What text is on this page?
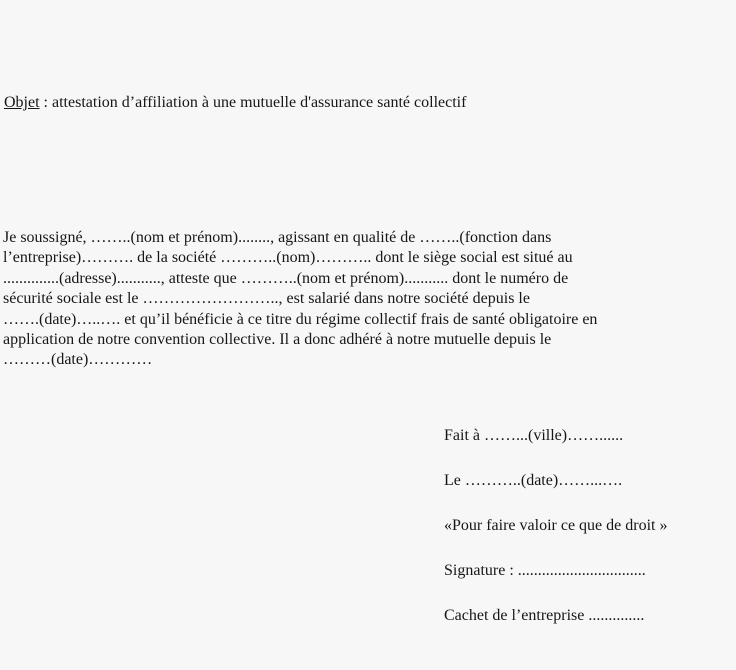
Objet : attestation d’affiliation à une mutuelle d'assurance santé collectif
Je soussigné, ……..(nom et prénom)........, agissant en qualité de ……..(fonction dans
l’entreprise)………. de la société ………..(nom)……….. dont le siège social est situé au
..............(adresse)..........., atteste que ………..(nom et prénom)........... dont le numéro de
sécurité sociale est le …………………….., est salarié dans notre société depuis le
…….(date)…..…. et qu’il bénéficie à ce titre du régime collectif frais de santé obligatoire en
application de notre convention collective. Il a donc adhéré à notre mutuelle depuis le
………(date)…………
Fait à ……...(ville)……......
Le ………..(date)……...….
«Pour faire valoir ce que de droit »
Signature : ................................
Cachet de l’entreprise ..............
